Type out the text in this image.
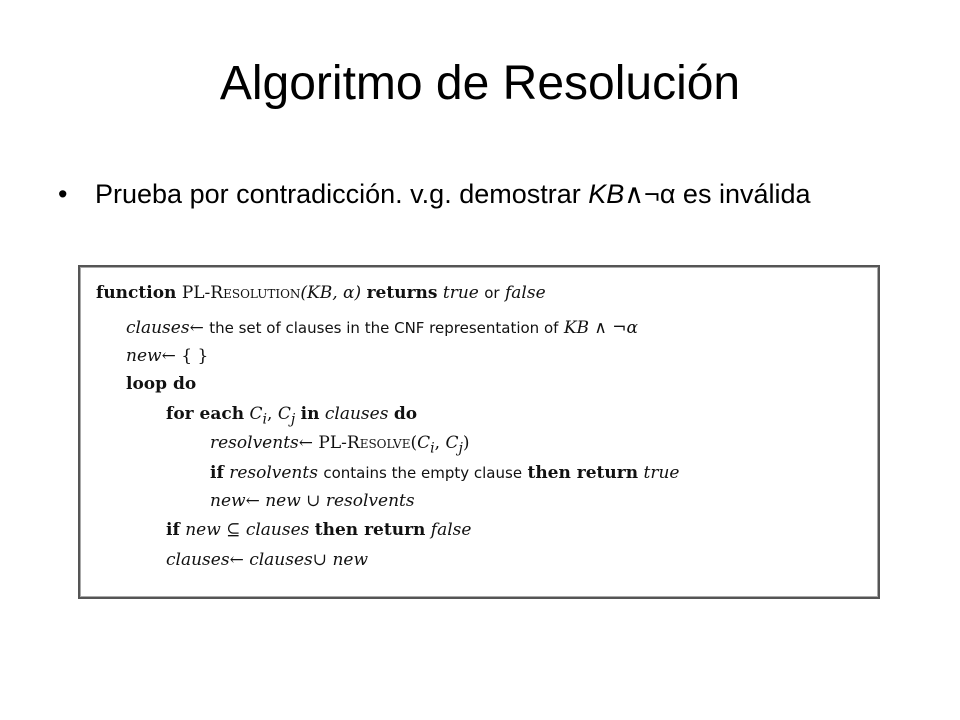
Algoritmo de Resolución
• Prueba por contradicción. v.g. demostrar KB∧¬α es inválida
function PL-Resolution(KB, α) returns true or false
clauses← the set of clauses in the CNF representation of KB ∧ ¬α
new← { }
loop do
for each $C_i$, $C_j$ in clauses do
resolvents← $PL-Resolve(C_i$, $C_j$)
if resolvents contains the empty clause then return true
new← new ∪ resolvents
if new ⊆ clauses then return false
clauses← clauses∪ new
